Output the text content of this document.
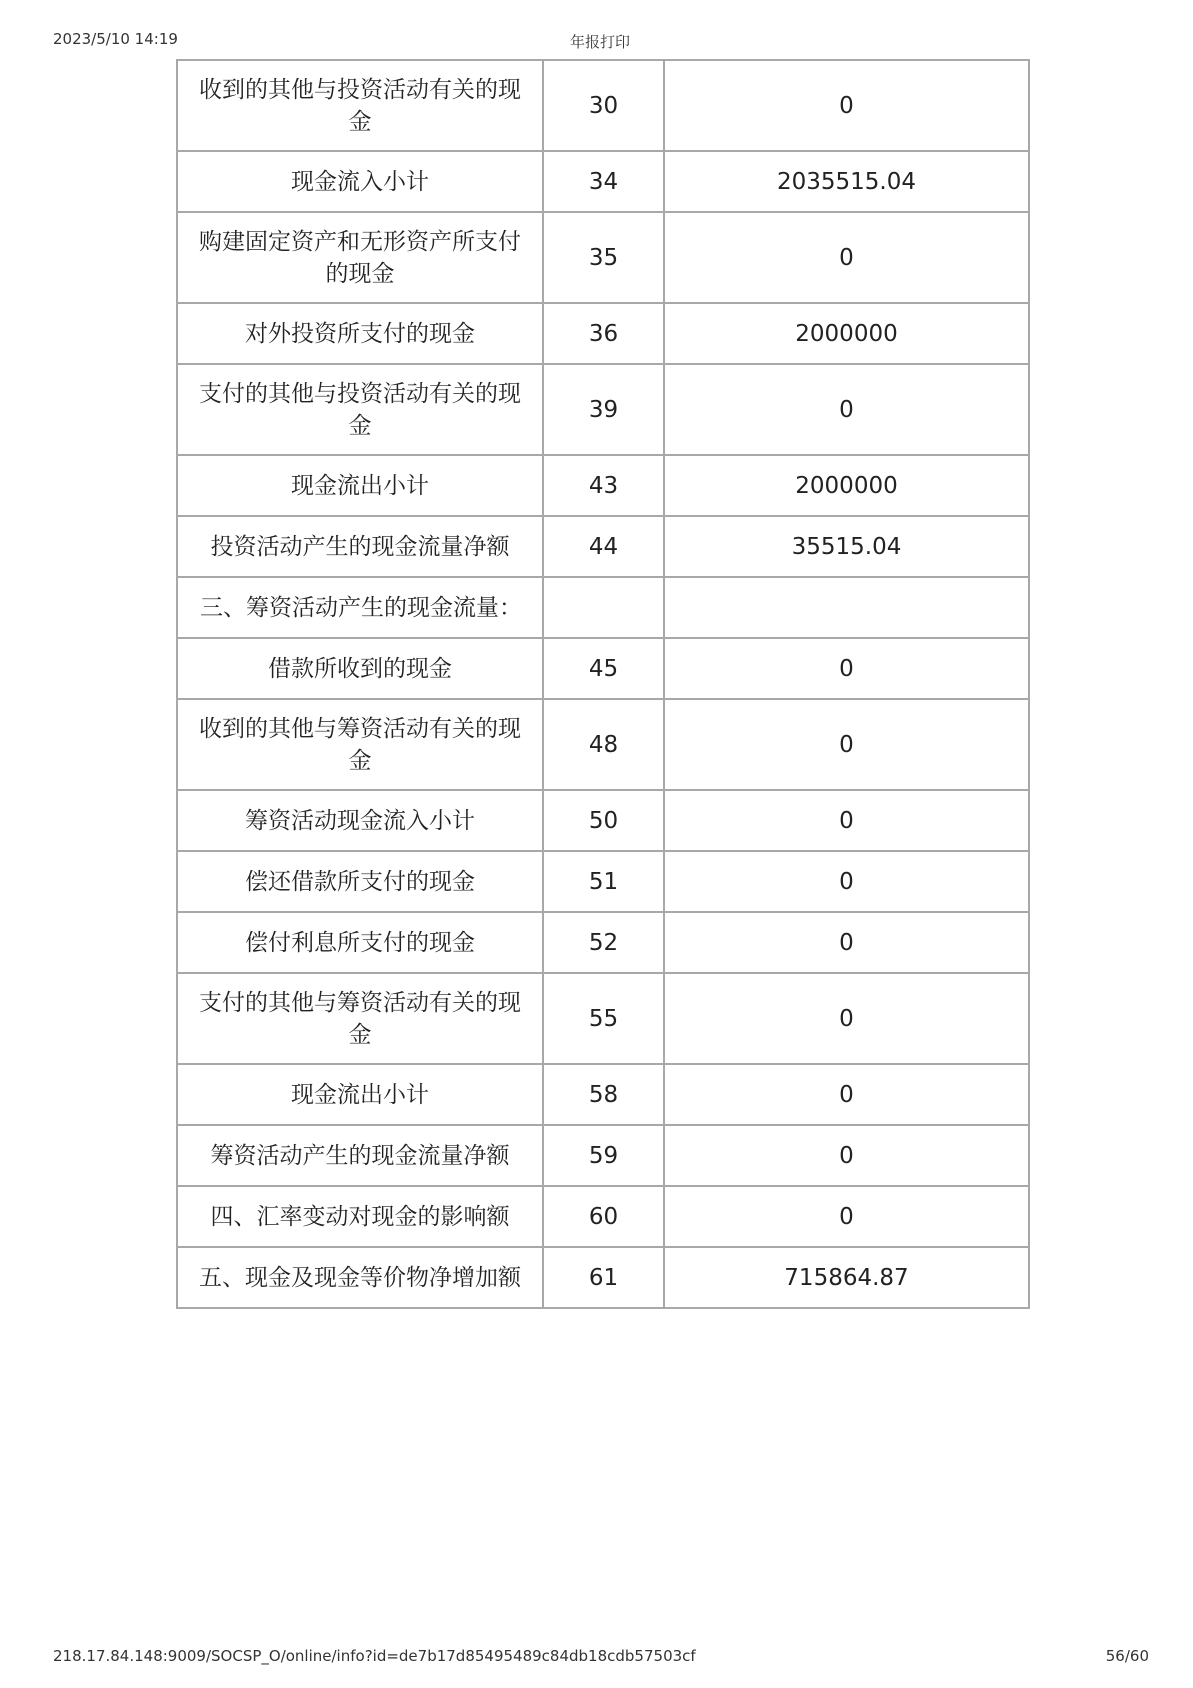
2023/5/10 14:19	年报打印
收到的其他与投资活动有关的现金	30	0
现金流入小计	34	2035515.04
购建固定资产和无形资产所支付的现金	35	0
对外投资所支付的现金	36	2000000
支付的其他与投资活动有关的现金	39	0
现金流出小计	43	2000000
投资活动产生的现金流量净额	44	35515.04
三、筹资活动产生的现金流量：		
借款所收到的现金	45	0
收到的其他与筹资活动有关的现金	48	0
筹资活动现金流入小计	50	0
偿还借款所支付的现金	51	0
偿付利息所支付的现金	52	0
支付的其他与筹资活动有关的现金	55	0
现金流出小计	58	0
筹资活动产生的现金流量净额	59	0
四、汇率变动对现金的影响额	60	0
五、现金及现金等价物净增加额	61	715864.87
218.17.84.148:9009/SOCSP_O/online/info?id=de7b17d85495489c84db18cdb57503cf	56/60
